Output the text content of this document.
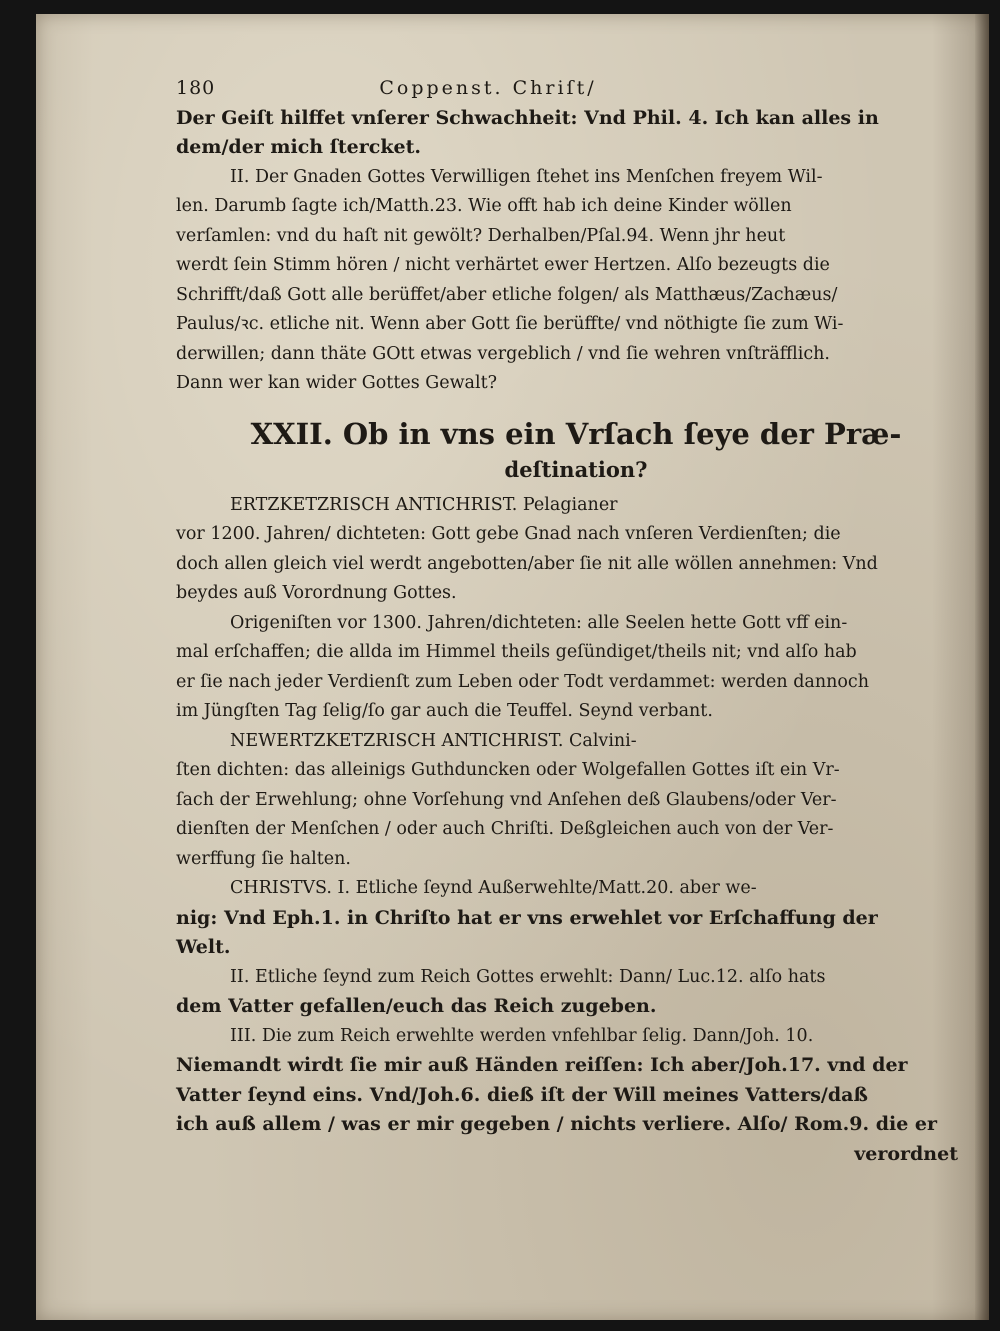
180	Coppenst. Chriſt/
Der Geiſt hilffet vnſerer Schwachheit: Vnd Phil. 4. Ich kan alles in
dem/der mich ſtercket.
II. Der Gnaden Gottes Verwilligen ſtehet ins Menſchen freyem Wil-
len. Darumb ſagte ich/Matth.23. Wie offt hab ich deine Kinder wöllen
verſamlen: vnd du haſt nit gewölt? Derhalben/Pſal.94. Wenn jhr heut
werdt ſein Stimm hören / nicht verhärtet ewer Hertzen. Alſo bezeugts die
Schrifft/daß Gott alle berüffet/aber etliche folgen/ als Matthæus/Zachæus/
Paulus/ꝛc. etliche nit. Wenn aber Gott ſie berüffte/ vnd nöthigte ſie zum Wi-
derwillen; dann thäte GOtt etwas vergeblich / vnd ſie wehren vnſträfflich.
Dann wer kan wider Gottes Gewalt?
XXII. Ob in vns ein Vrſach ſeye der Præ-
deſtination?
ERTZKETZRISCH ANTICHRIST. Pelagianer
vor 1200. Jahren/ dichteten: Gott gebe Gnad nach vnſeren Verdienſten; die
doch allen gleich viel werdt angebotten/aber ſie nit alle wöllen annehmen: Vnd
beydes auß Vorordnung Gottes.
Origeniſten vor 1300. Jahren/dichteten: alle Seelen hette Gott vff ein-
mal erſchaffen; die allda im Himmel theils geſündiget/theils nit; vnd alſo hab
er ſie nach jeder Verdienſt zum Leben oder Todt verdammet: werden dannoch
im Jüngſten Tag ſelig/ſo gar auch die Teuffel. Seynd verbant.
NEWERTZKETZRISCH ANTICHRIST. Calvini-
ſten dichten: das alleinigs Guthduncken oder Wolgefallen Gottes iſt ein Vr-
ſach der Erwehlung; ohne Vorſehung vnd Anſehen deß Glaubens/oder Ver-
dienſten der Menſchen / oder auch Chriſti. Deßgleichen auch von der Ver-
werffung ſie halten.
CHRISTVS. I. Etliche ſeynd Außerwehlte/Matt.20. aber we-
nig: Vnd Eph.1. in Chriſto hat er vns erwehlet vor Erſchaffung der
Welt.
II. Etliche ſeynd zum Reich Gottes erwehlt: Dann/ Luc.12. alſo hats
dem Vatter gefallen/euch das Reich zugeben.
III. Die zum Reich erwehlte werden vnfehlbar ſelig. Dann/Joh. 10.
Niemandt wirdt ſie mir auß Händen reiſſen: Ich aber/Joh.17. vnd der
Vatter ſeynd eins. Vnd/Joh.6. dieß iſt der Will meines Vatters/daß
ich auß allem / was er mir gegeben / nichts verliere. Alſo/ Rom.9. die er
verordnet
